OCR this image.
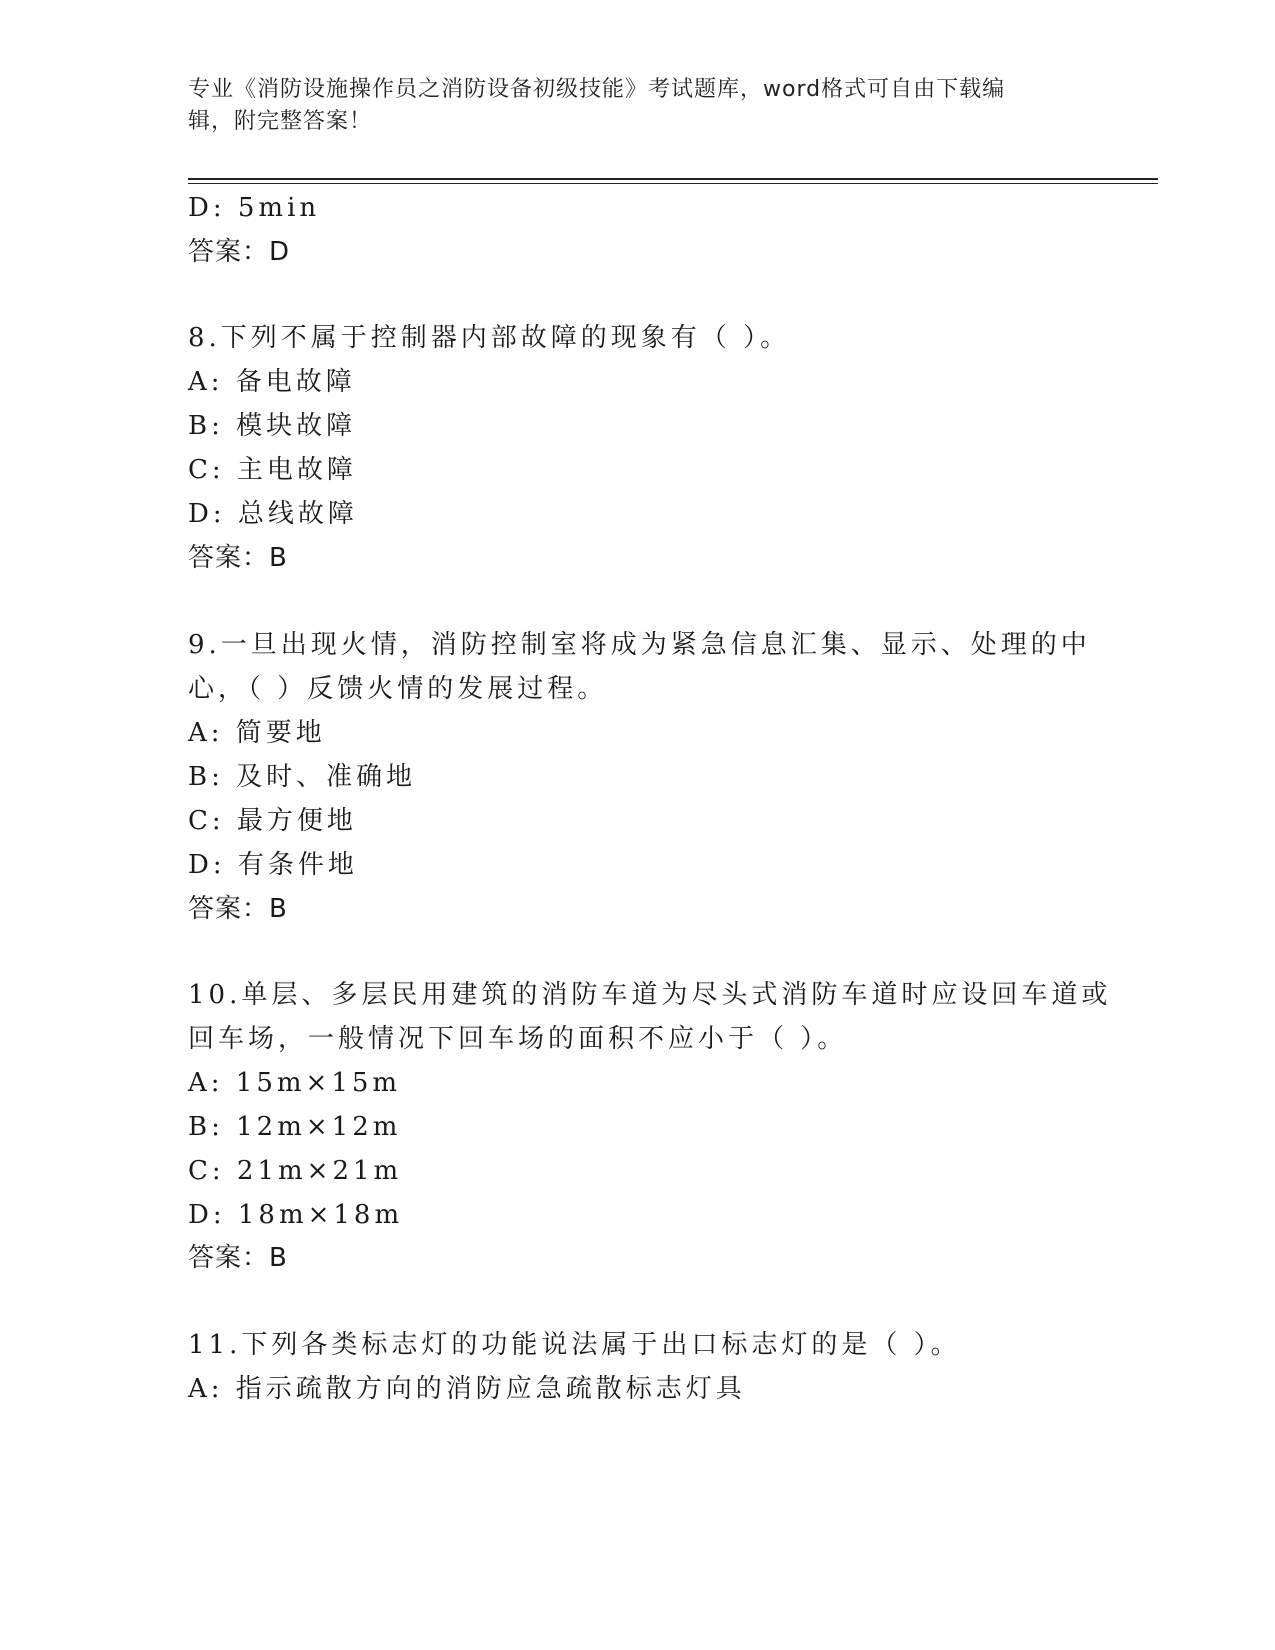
专业《消防设施操作员之消防设备初级技能》考试题库，word格式可自由下载编
辑，附完整答案！
D: 5min
答案：D
8.下列不属于控制器内部故障的现象有（ ）。
A: 备电故障
B: 模块故障
C: 主电故障
D: 总线故障
答案：B
9.一旦出现火情，消防控制室将成为紧急信息汇集、显示、处理的中
心，（ ）反馈火情的发展过程。
A: 简要地
B: 及时、准确地
C: 最方便地
D: 有条件地
答案：B
10.单层、多层民用建筑的消防车道为尽头式消防车道时应设回车道或
回车场，一般情况下回车场的面积不应小于（ ）。
A: 15m×15m
B: 12m×12m
C: 21m×21m
D: 18m×18m
答案：B
11.下列各类标志灯的功能说法属于出口标志灯的是（ ）。
A: 指示疏散方向的消防应急疏散标志灯具
